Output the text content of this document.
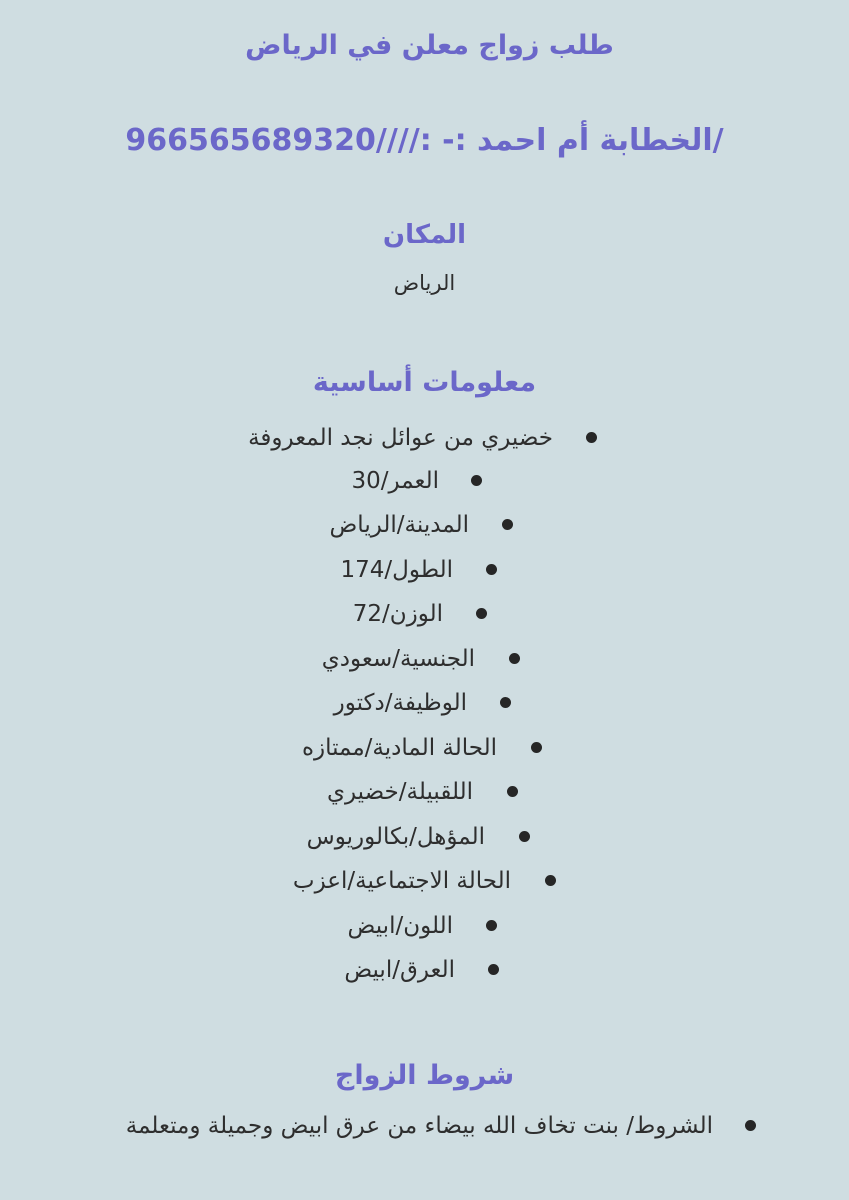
طلب زواج معلن في الرياض
/الخطابة أم احمد :- :////966565689320
المكان
الرياض
معلومات أساسية
خضيري من عوائل نجد المعروفة
العمر/30
المدينة/الرياض
الطول/174
الوزن/72
الجنسية/سعودي
الوظيفة/دكتور
الحالة المادية/ممتازه
اللقبيلة/خضيري
المؤهل/بكالوريوس
الحالة الاجتماعية/اعزب
اللون/ابيض
العرق/ابيض
شروط الزواج
الشروط/ بنت تخاف الله بيضاء من عرق ابيض وجميلة ومتعلمة
